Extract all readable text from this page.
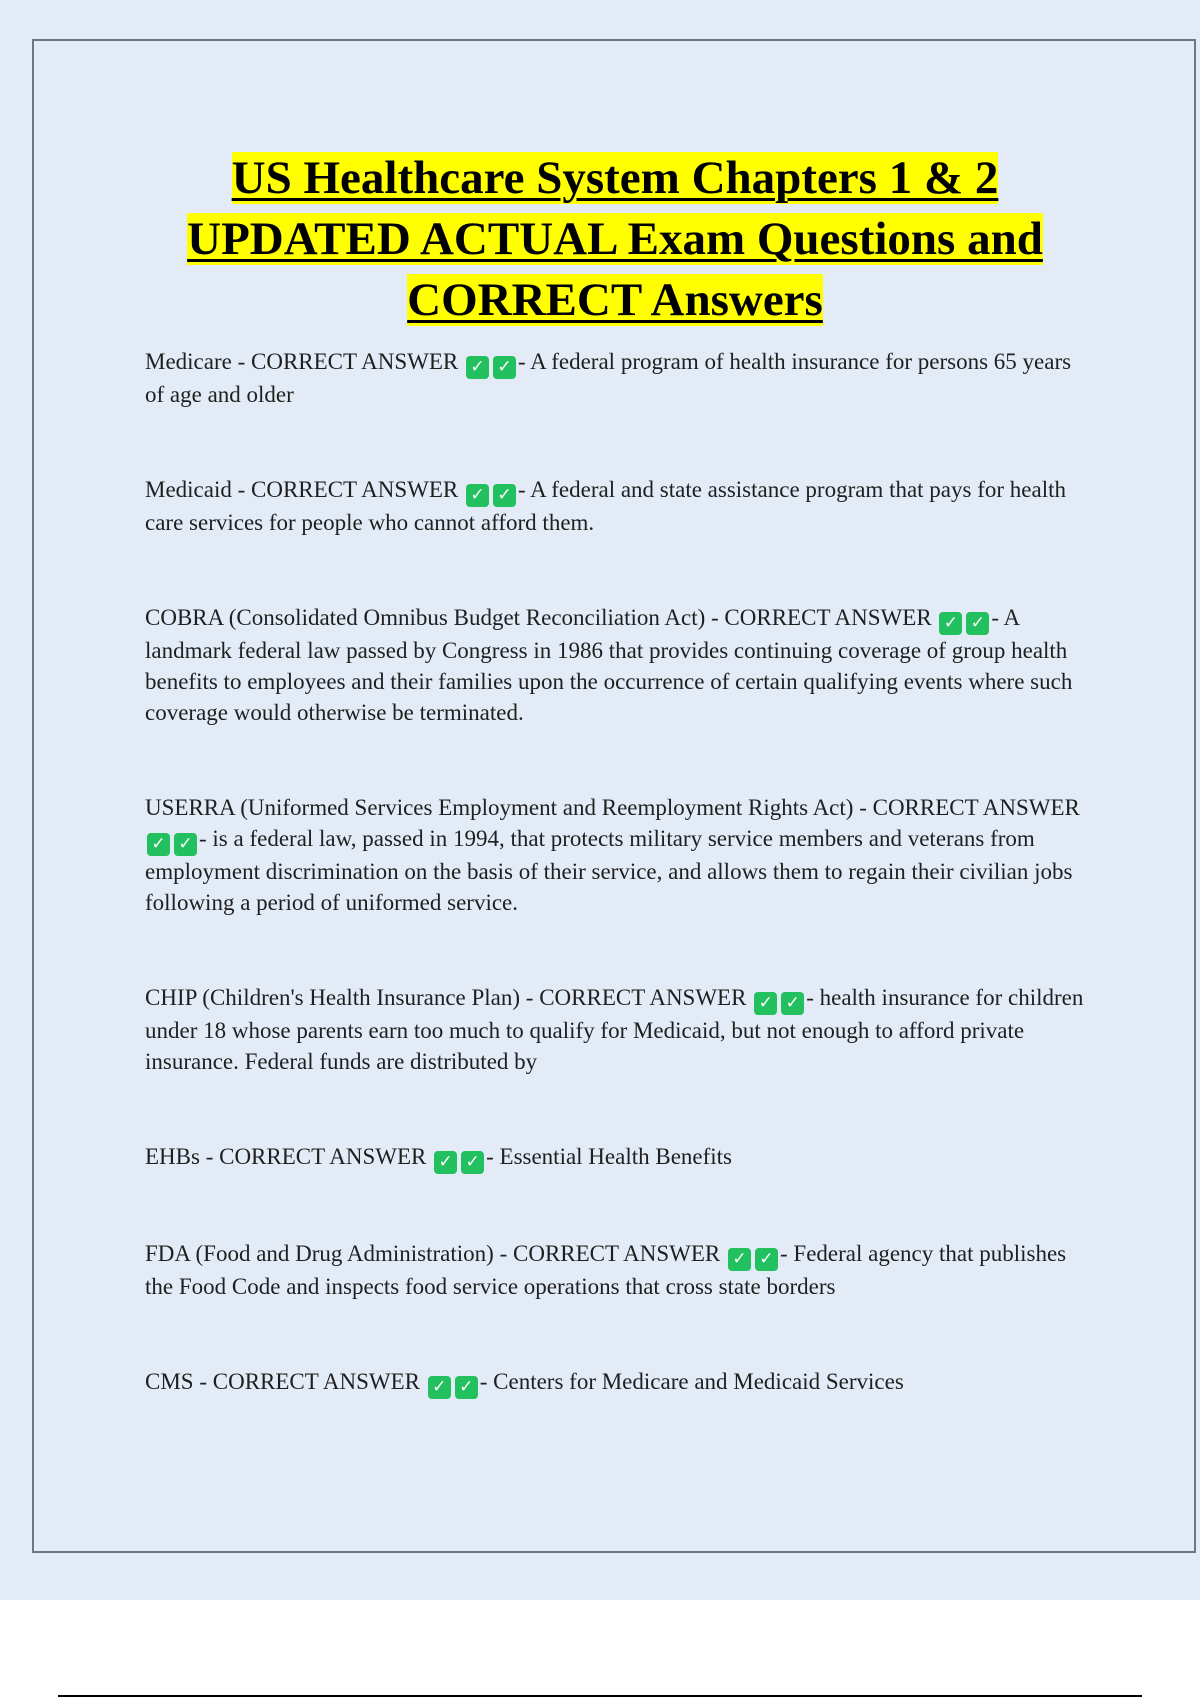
US Healthcare System Chapters 1 & 2
UPDATED ACTUAL Exam Questions and
CORRECT Answers

Medicare - CORRECT ANSWER ✓ ✓ - A federal program of health insurance for persons 65 years of age and older

Medicaid - CORRECT ANSWER ✓ ✓ - A federal and state assistance program that pays for health care services for people who cannot afford them.

COBRA (Consolidated Omnibus Budget Reconciliation Act) - CORRECT ANSWER ✓ ✓ - A landmark federal law passed by Congress in 1986 that provides continuing coverage of group health benefits to employees and their families upon the occurrence of certain qualifying events where such coverage would otherwise be terminated.

USERRA (Uniformed Services Employment and Reemployment Rights Act) - CORRECT ANSWER ✓ ✓ - is a federal law, passed in 1994, that protects military service members and veterans from employment discrimination on the basis of their service, and allows them to regain their civilian jobs following a period of uniformed service.

CHIP (Children's Health Insurance Plan) - CORRECT ANSWER ✓ ✓ - health insurance for children under 18 whose parents earn too much to qualify for Medicaid, but not enough to afford private insurance. Federal funds are distributed by

EHBs - CORRECT ANSWER ✓ ✓ - Essential Health Benefits

FDA (Food and Drug Administration) - CORRECT ANSWER ✓ ✓ - Federal agency that publishes the Food Code and inspects food service operations that cross state borders

CMS - CORRECT ANSWER ✓ ✓ - Centers for Medicare and Medicaid Services
